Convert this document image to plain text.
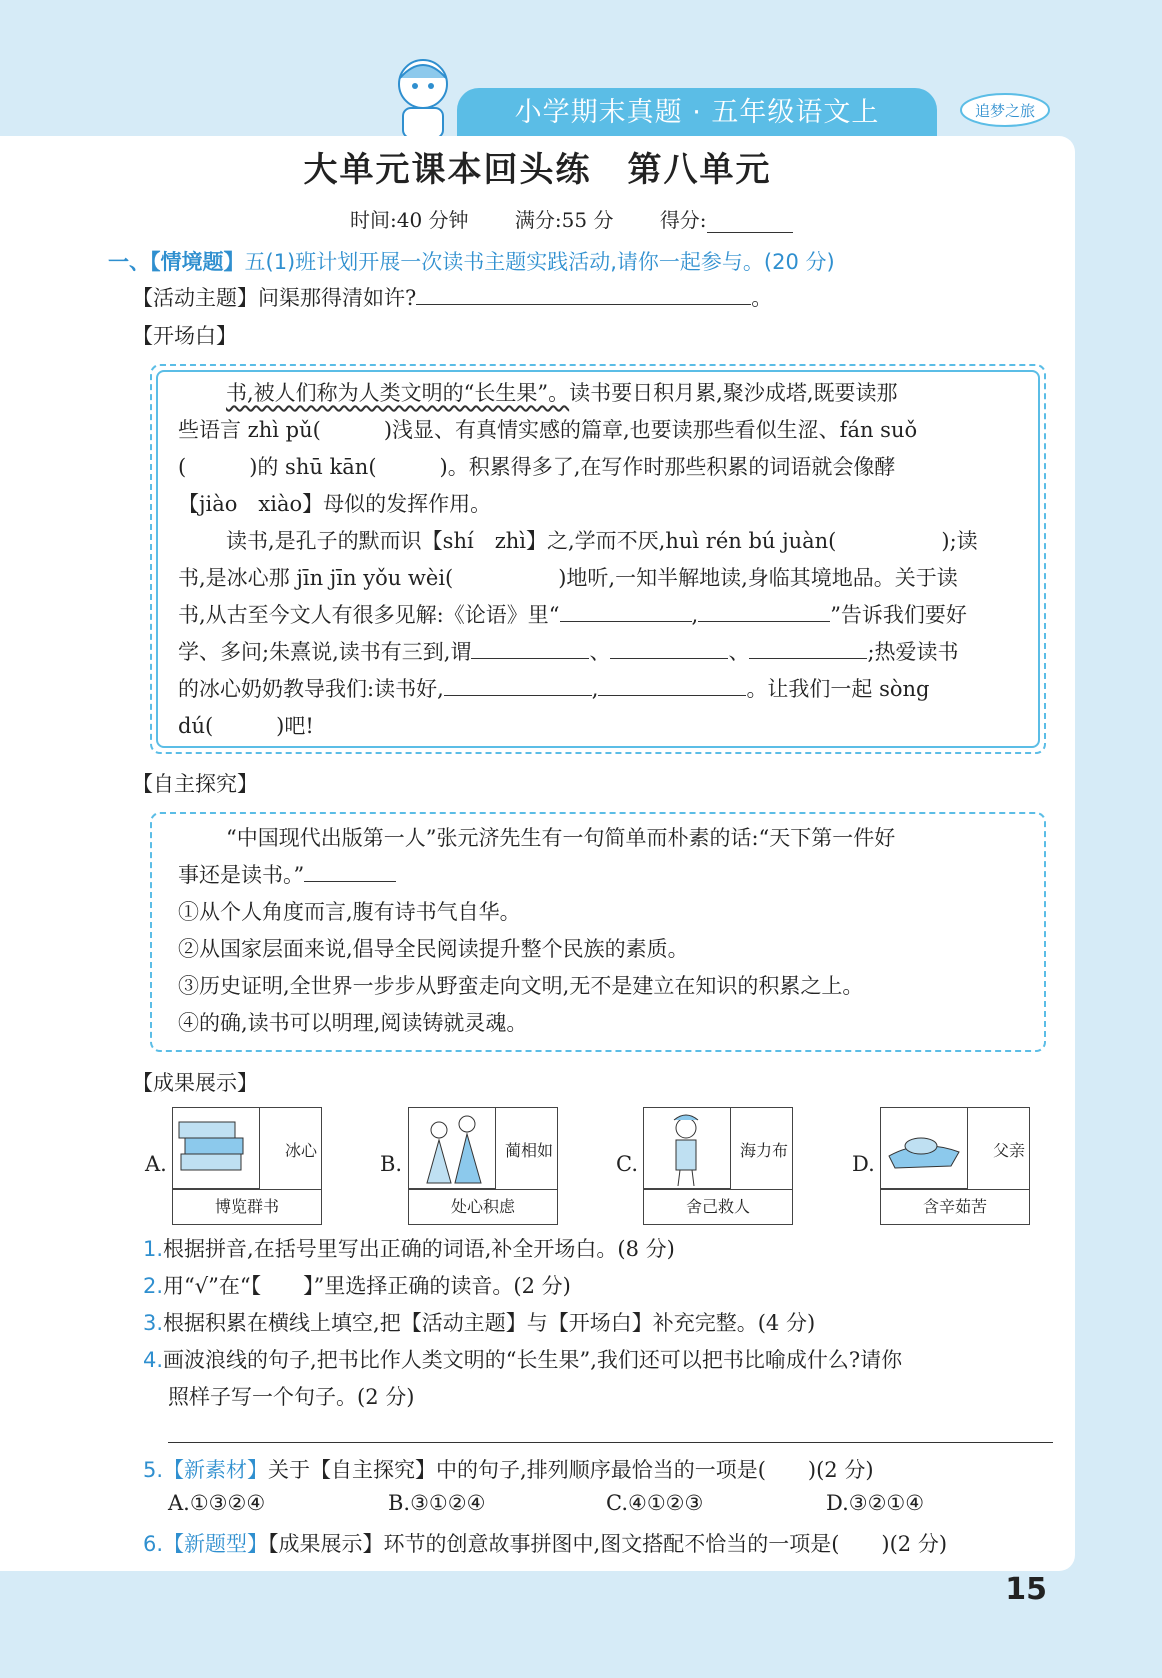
小学期末真题 · 五年级语文上	追梦之旅
大单元课本回头练　第八单元
时间:40 分钟 满分:55 分 得分:
一、【情境题】五(1)班计划开展一次读书主题实践活动,请你一起参与。(20 分)
【活动主题】问渠那得清如许?	。
【开场白】
书,被人们称为人类文明的“长生果”。读书要日积月累,聚沙成塔,既要读那
些语言 zhì pǔ(　　　)浅显、有真情实感的篇章,也要读那些看似生涩、fán suǒ
(　　　)的 shū kān(　　　)。积累得多了,在写作时那些积累的词语就会像酵
【jiào　xiào】母似的发挥作用。
读书,是孔子的默而识【shí　zhì】之,学而不厌,huì rén bú juàn(　　　　　);读
书,是冰心那 jīn jīn yǒu wèi(　　　　　)地听,一知半解地读,身临其境地品。关于读
书,从古至今文人有很多见解:《论语》里“	,	”告诉我们要好
学、多问;朱熹说,读书有三到,谓	、	、	;热爱读书
的冰心奶奶教导我们:读书好,	,	。让我们一起 sòng
dú(　　　)吧!
【自主探究】
“中国现代出版第一人”张元济先生有一句简单而朴素的话:“天下第一件好
事还是读书。”
①从个人角度而言,腹有诗书气自华。
②从国家层面来说,倡导全民阅读提升整个民族的素质。
③历史证明,全世界一步步从野蛮走向文明,无不是建立在知识的积累之上。
④的确,读书可以明理,阅读铸就灵魂。
【成果展示】
A.
冰心
博览群书
B.
蔺相如
处心积虑
C.
海力布
舍己救人
D.
父亲
含辛茹苦
1.根据拼音,在括号里写出正确的词语,补全开场白。(8 分)
2.用“√”在“【　　】”里选择正确的读音。(2 分)
3.根据积累在横线上填空,把【活动主题】与【开场白】补充完整。(4 分)
4.画波浪线的句子,把书比作人类文明的“长生果”,我们还可以把书比喻成什么?请你
照样子写一个句子。(2 分)
5.【新素材】关于【自主探究】中的句子,排列顺序最恰当的一项是(　　)(2 分)
A.①③②④	B.③①②④	C.④①②③	D.③②①④
6.【新题型】【成果展示】环节的创意故事拼图中,图文搭配不恰当的一项是(　　)(2 分)
15
